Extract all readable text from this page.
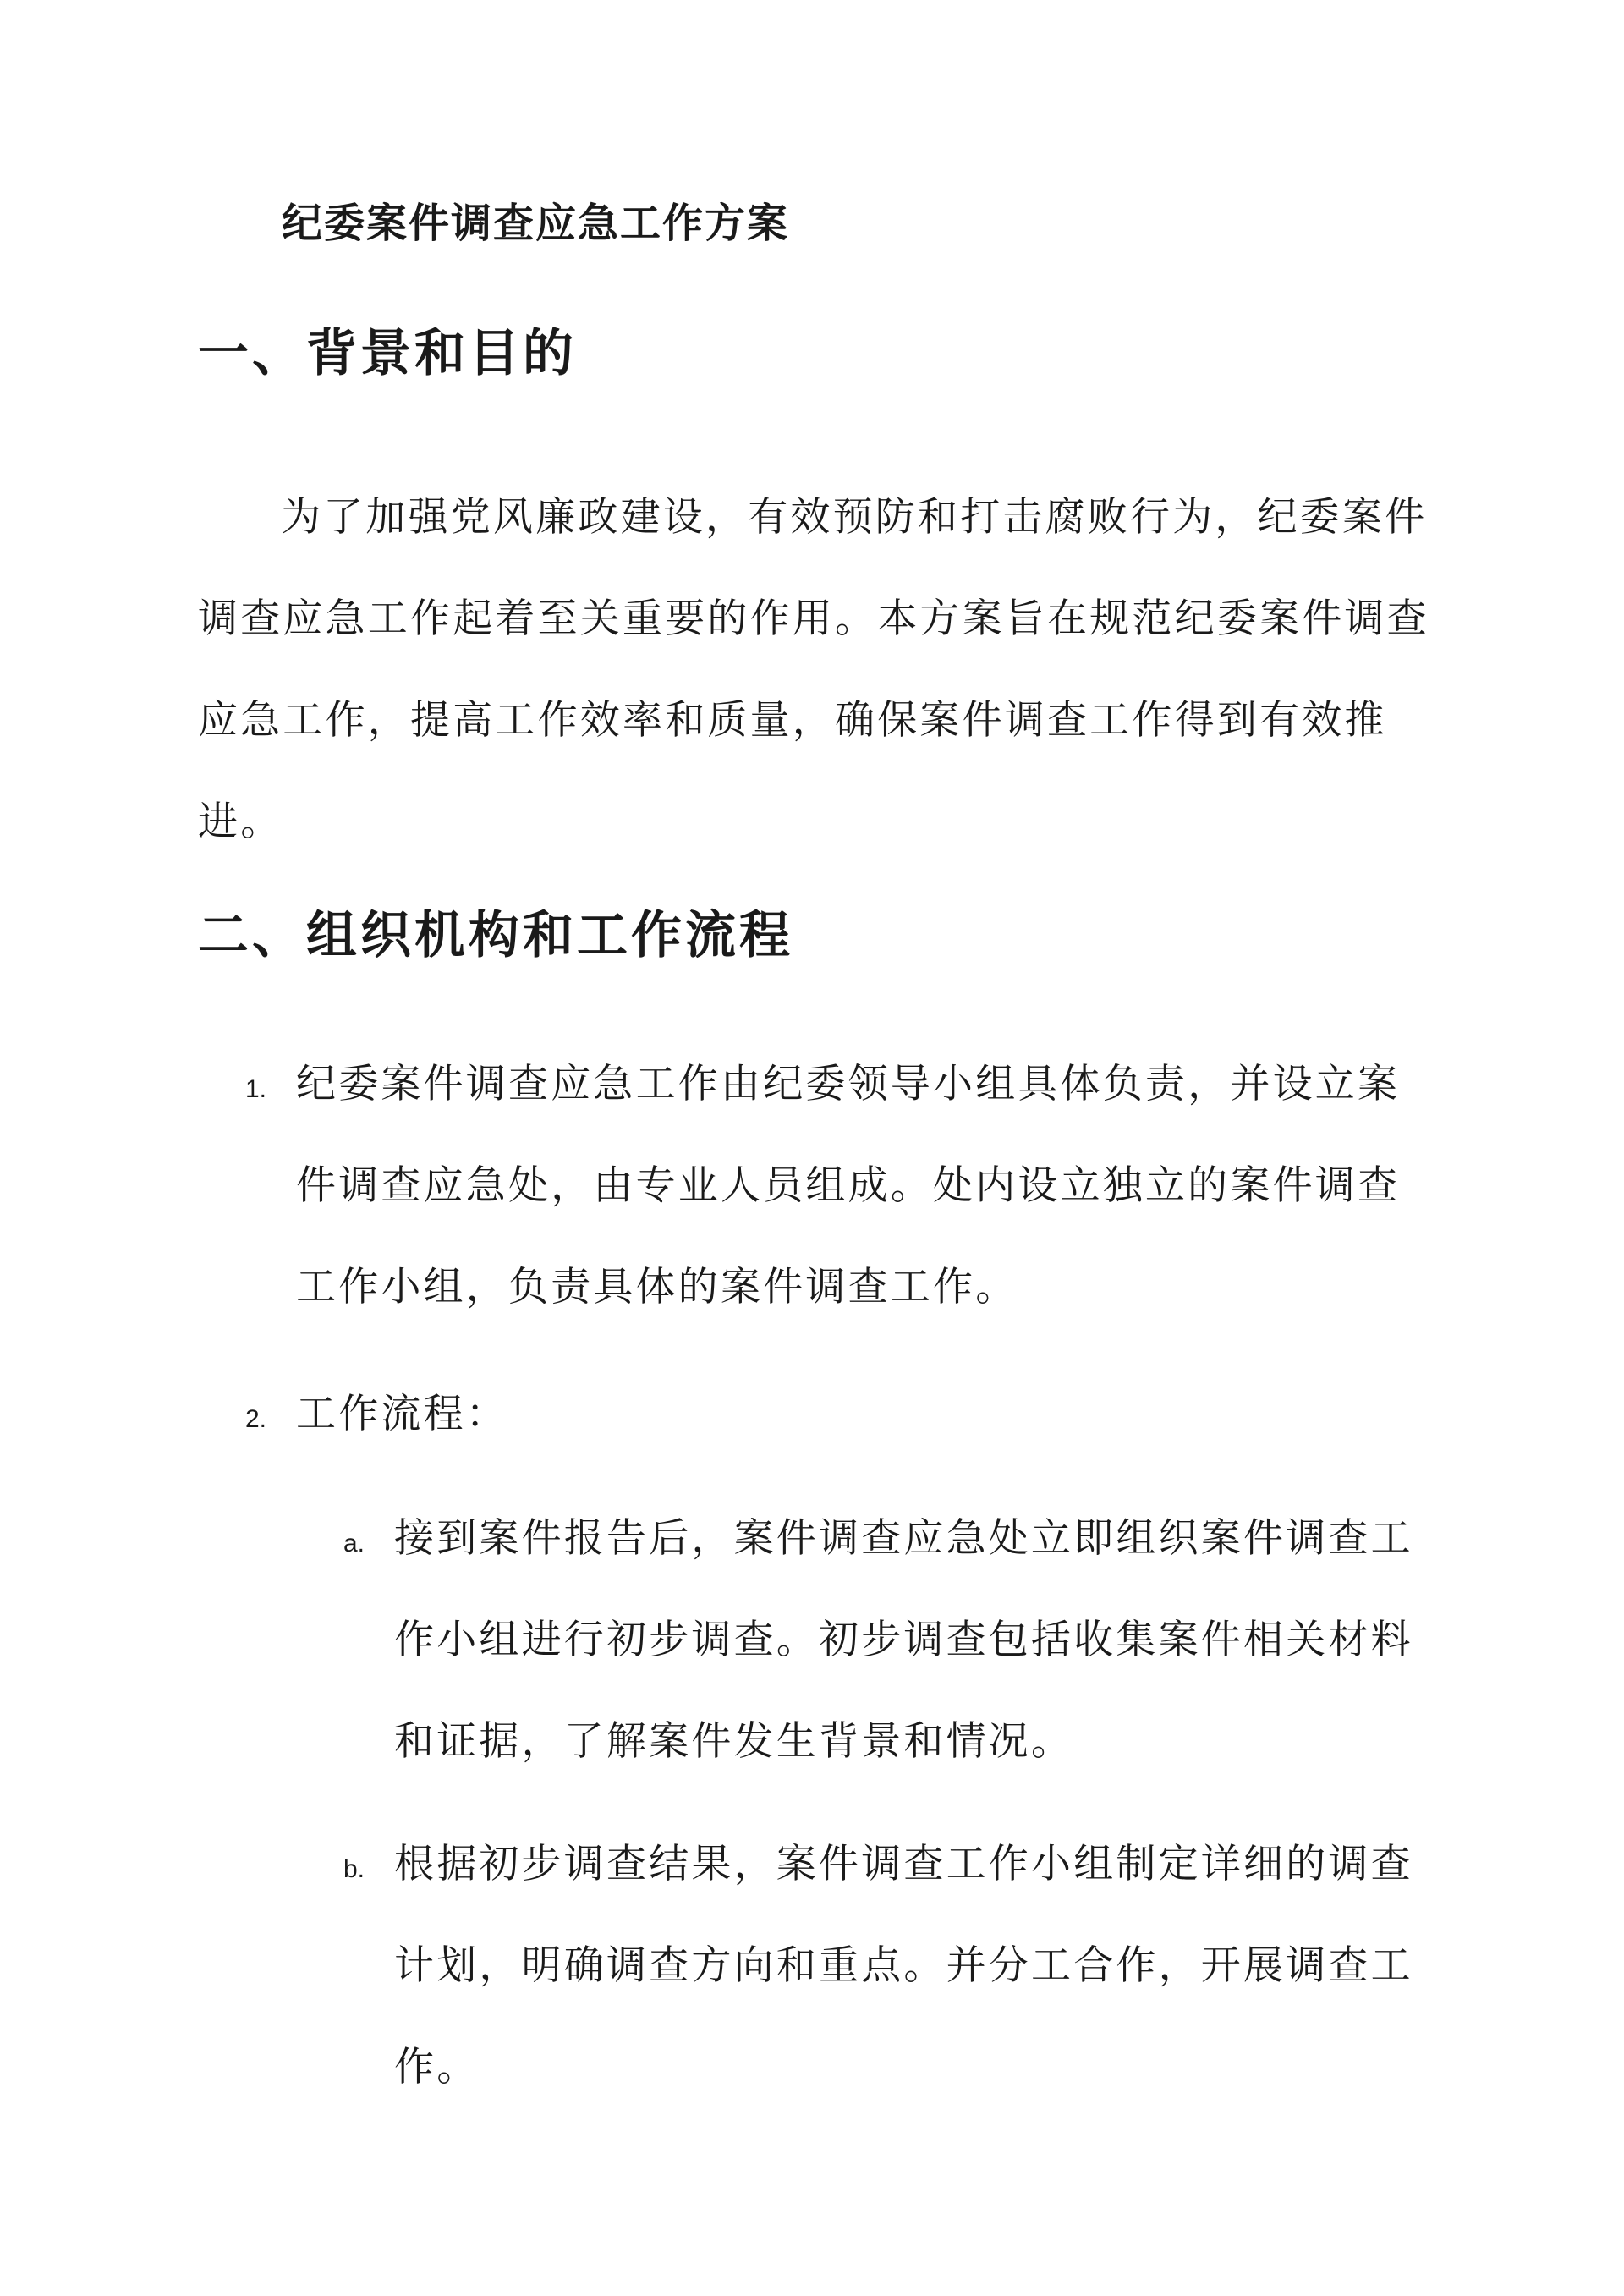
纪委案件调查应急工作方案
一、背景和目的
为了加强党风廉政建设，有效预防和打击腐败行为，纪委案件调查应急工作起着至关重要的作用。本方案旨在规范纪委案件调查应急工作，提高工作效率和质量，确保案件调查工作得到有效推进。
二、组织机构和工作流程
1. 纪委案件调查应急工作由纪委领导小组具体负责，并设立案件调查应急处，由专业人员组成。处内设立独立的案件调查工作小组，负责具体的案件调查工作。
2. 工作流程：
a. 接到案件报告后，案件调查应急处立即组织案件调查工作小组进行初步调查。初步调查包括收集案件相关材料和证据，了解案件发生背景和情况。
b. 根据初步调查结果，案件调查工作小组制定详细的调查计划，明确调查方向和重点。并分工合作，开展调查工作。
